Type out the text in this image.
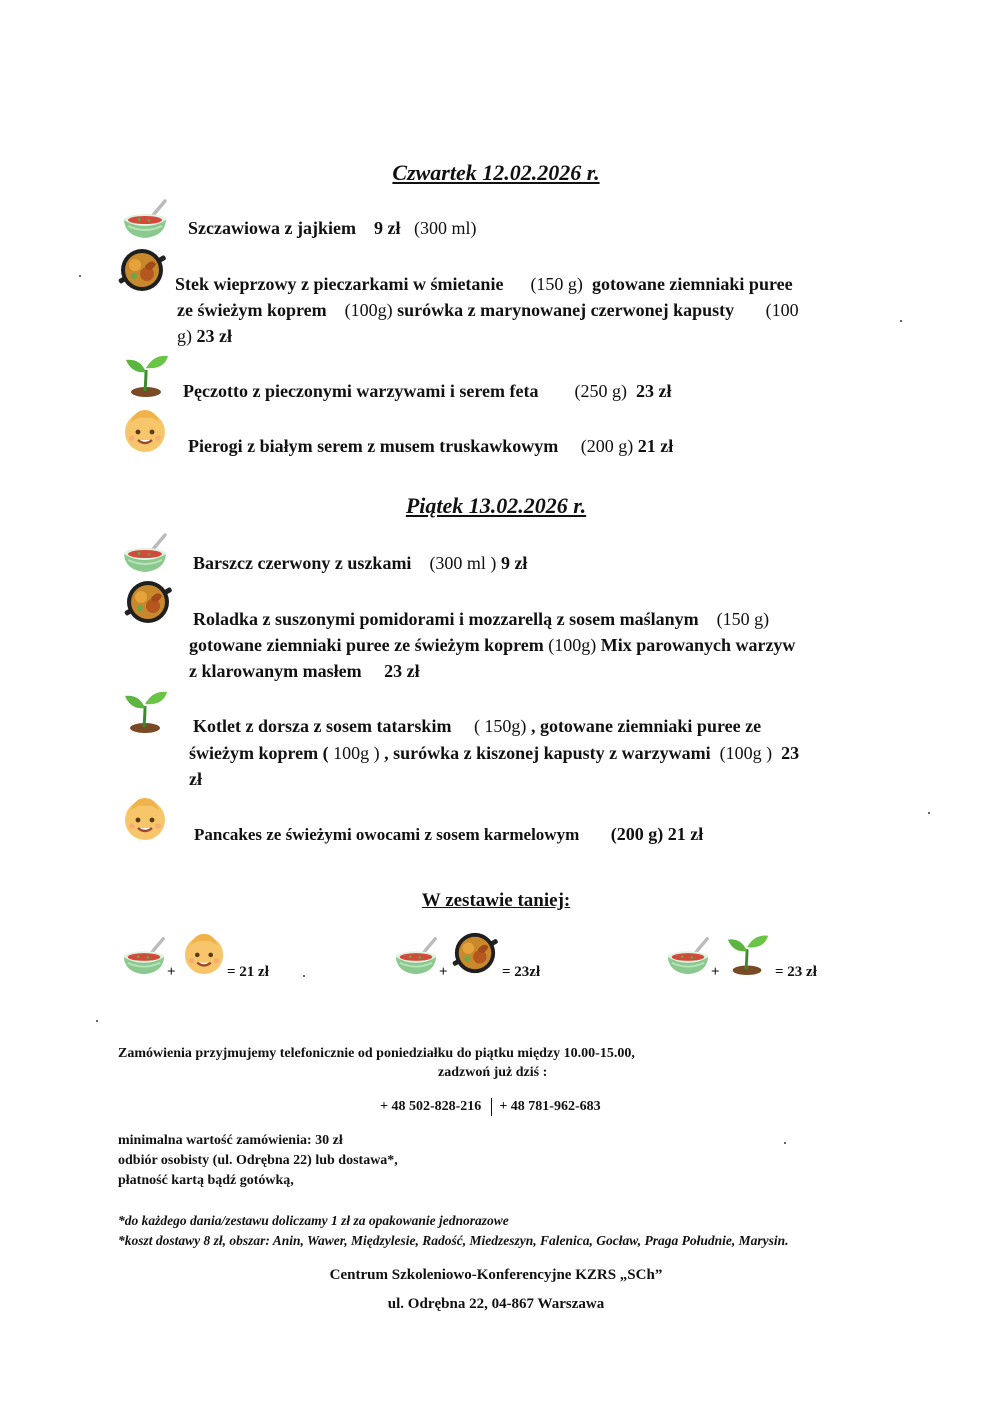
Czwartek 12.02.2026 r.
Szczawiowa z jajkiem 9 zł (300 ml)
Stek wieprzowy z pieczarkami w śmietanie (150 g) gotowane ziemniaki puree
ze świeżym koprem (100g) surówka z marynowanej czerwonej kapusty (100
g) 23 zł
Pęczotto z pieczonymi warzywami i serem feta (250 g) 23 zł
Pierogi z białym serem z musem truskawkowym (200 g) 21 zł
Piątek 13.02.2026 r.
Barszcz czerwony z uszkami (300 ml ) 9 zł
Roladka z suszonymi pomidorami i mozzarellą z sosem maślanym (150 g)
gotowane ziemniaki puree ze świeżym koprem (100g) Mix parowanych warzyw
z klarowanym masłem 23 zł
Kotlet z dorsza z sosem tatarskim ( 150g) , gotowane ziemniaki puree ze
świeżym koprem ( 100g ) , surówka z kiszonej kapusty z warzywami (100g ) 23
zł
Pancakes ze świeżymi owocami z sosem karmelowym (200 g) 21 zł
W zestawie taniej:
+	= 21 zł	+	= 23zł	+	= 23 zł
Zamówienia przyjmujemy telefonicznie od poniedziałku do piątku między 10.00-15.00,
zadzwoń już dziś :
+ 48 502-828-216 + 48 781-962-683
minimalna wartość zamówienia: 30 zł
odbiór osobisty (ul. Odrębna 22) lub dostawa*,
płatność kartą bądź gotówką,
*do każdego dania/zestawu doliczamy 1 zł za opakowanie jednorazowe
*koszt dostawy 8 zł, obszar: Anin, Wawer, Międzylesie, Radość, Miedzeszyn, Falenica, Gocław, Praga Południe, Marysin.
Centrum Szkoleniowo-Konferencyjne KZRS „SCh”
ul. Odrębna 22, 04-867 Warszawa
